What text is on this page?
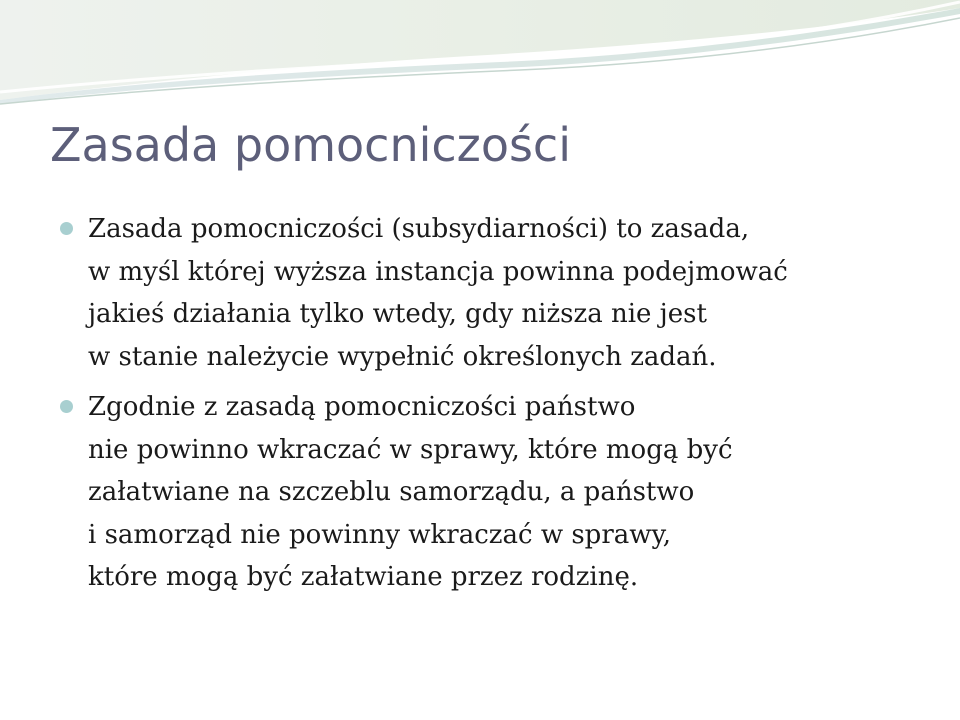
Zasada pomocniczości
Zasada pomocniczości (subsydiarności) to zasada,
w myśl której wyższa instancja powinna podejmować
jakieś działania tylko wtedy, gdy niższa nie jest
w stanie należycie wypełnić określonych zadań.
Zgodnie z zasadą pomocniczości państwo
nie powinno wkraczać w sprawy, które mogą być
załatwiane na szczeblu samorządu, a państwo
i samorząd nie powinny wkraczać w sprawy,
które mogą być załatwiane przez rodzinę.
